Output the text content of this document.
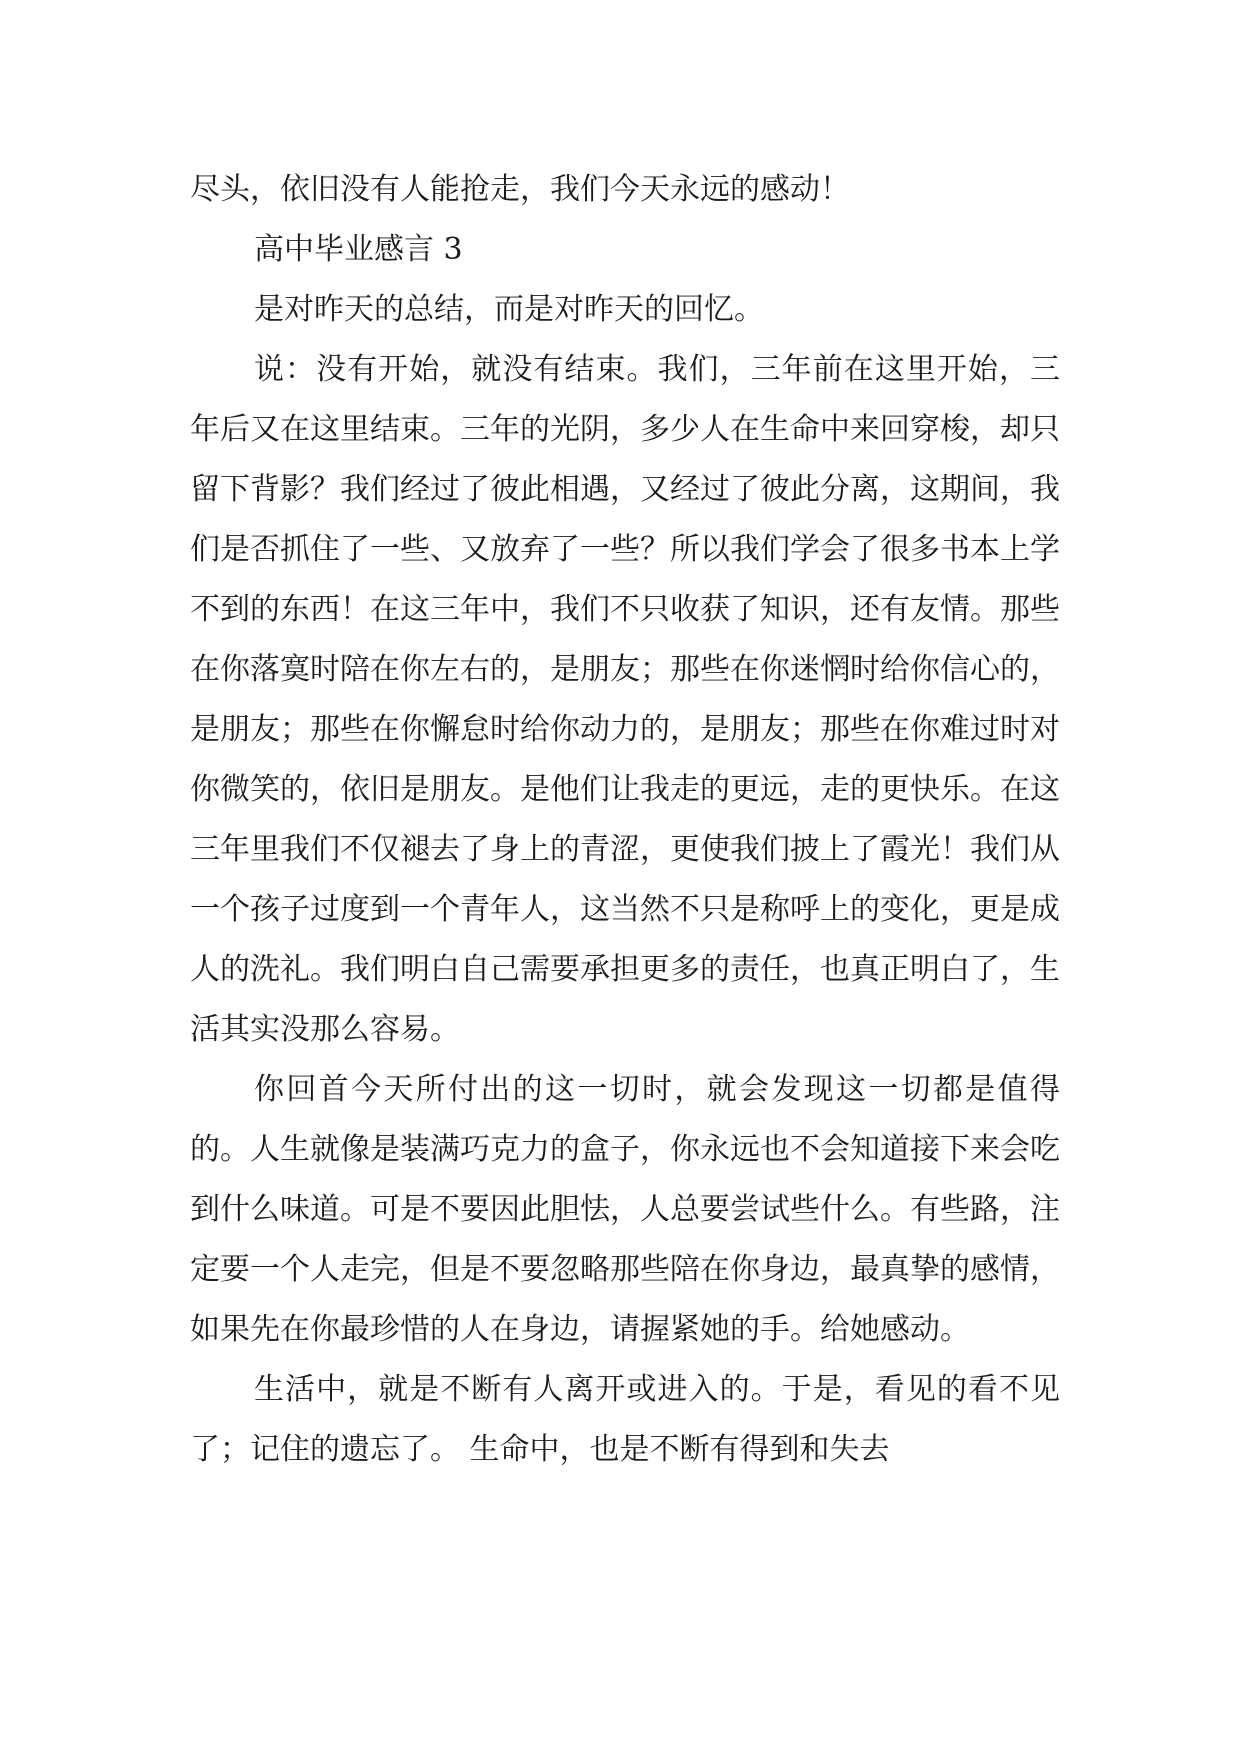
尽头，依旧没有人能抢走，我们今天永远的感动！

高中毕业感言 3

是对昨天的总结，而是对昨天的回忆。

说：没有开始，就没有结束。我们，三年前在这里开始，三年后又在这里结束。三年的光阴，多少人在生命中来回穿梭，却只留下背影？我们经过了彼此相遇，又经过了彼此分离，这期间，我们是否抓住了一些、又放弃了一些？所以我们学会了很多书本上学不到的东西！在这三年中，我们不只收获了知识，还有友情。那些在你落寞时陪在你左右的，是朋友；那些在你迷惘时给你信心的，是朋友；那些在你懈怠时给你动力的，是朋友；那些在你难过时对你微笑的，依旧是朋友。是他们让我走的更远，走的更快乐。在这三年里我们不仅褪去了身上的青涩，更使我们披上了霞光！我们从一个孩子过度到一个青年人，这当然不只是称呼上的变化，更是成人的洗礼。我们明白自己需要承担更多的责任，也真正明白了，生活其实没那么容易。

你回首今天所付出的这一切时，就会发现这一切都是值得的。人生就像是装满巧克力的盒子，你永远也不会知道接下来会吃到什么味道。可是不要因此胆怯，人总要尝试些什么。有些路，注定要一个人走完，但是不要忽略那些陪在你身边，最真挚的感情，如果先在你最珍惜的人在身边，请握紧她的手。给她感动。

生活中，就是不断有人离开或进入的。于是，看见的看不见了；记住的遗忘了。 生命中，也是不断有得到和失去
